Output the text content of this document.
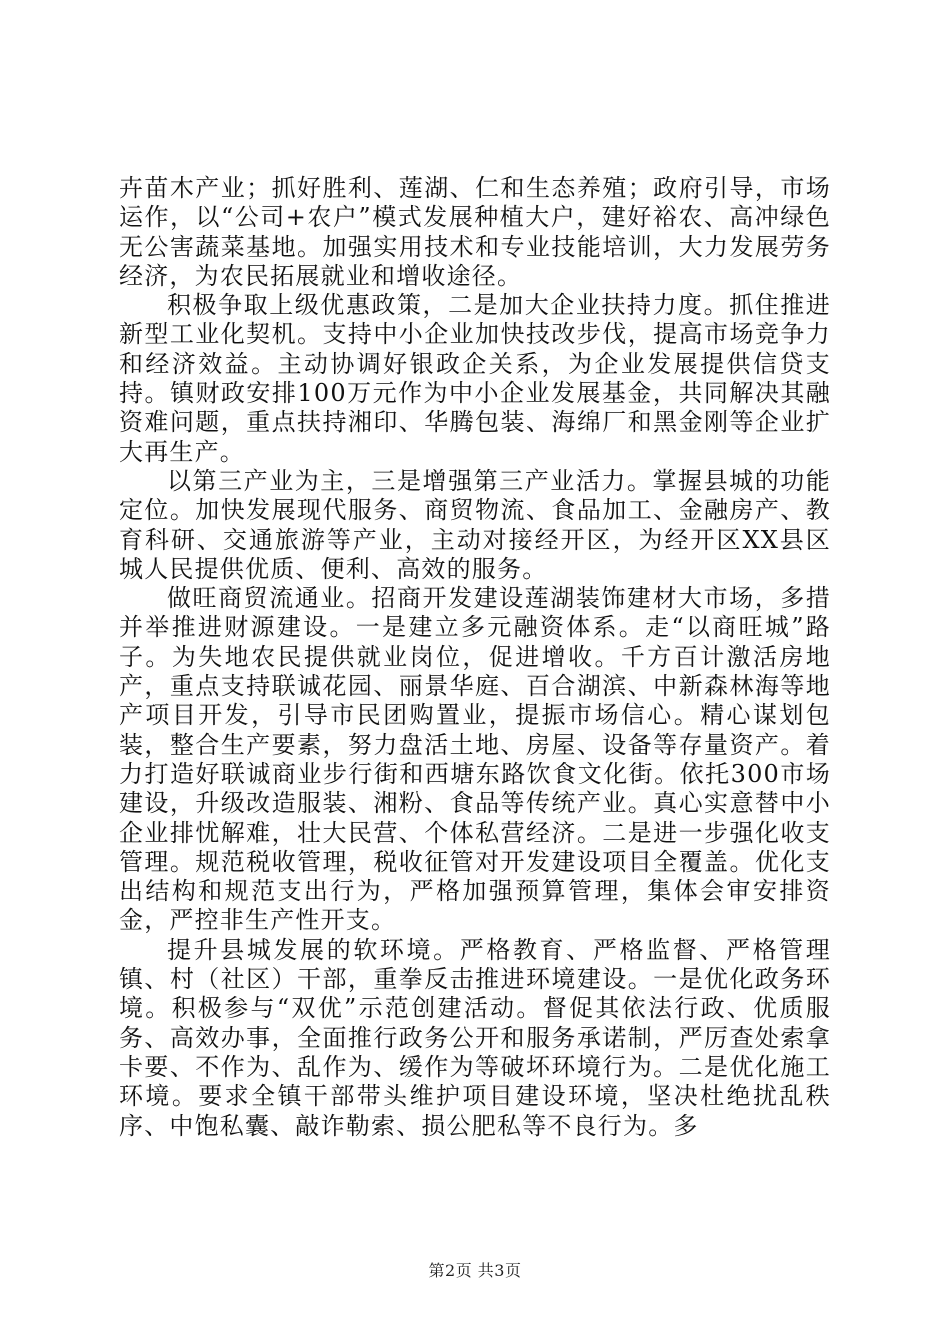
卉苗木产业；抓好胜利、莲湖、仁和生态养殖；政府引导，市场运作，以“公司+农户”模式发展种植大户，建好裕农、高冲绿色无公害蔬菜基地。加强实用技术和专业技能培训，大力发展劳务经济，为农民拓展就业和增收途径。

积极争取上级优惠政策，二是加大企业扶持力度。抓住推进新型工业化契机。支持中小企业加快技改步伐，提高市场竞争力和经济效益。主动协调好银政企关系，为企业发展提供信贷支持。镇财政安排100万元作为中小企业发展基金，共同解决其融资难问题，重点扶持湘印、华腾包装、海绵厂和黑金刚等企业扩大再生产。

以第三产业为主，三是增强第三产业活力。掌握县城的功能定位。加快发展现代服务、商贸物流、食品加工、金融房产、教育科研、交通旅游等产业，主动对接经开区，为经开区XX县区城人民提供优质、便利、高效的服务。

做旺商贸流通业。招商开发建设莲湖装饰建材大市场，多措并举推进财源建设。一是建立多元融资体系。走“以商旺城”路子。为失地农民提供就业岗位，促进增收。千方百计激活房地产，重点支持联诚花园、丽景华庭、百合湖滨、中新森林海等地产项目开发，引导市民团购置业，提振市场信心。精心谋划包装，整合生产要素，努力盘活土地、房屋、设备等存量资产。着力打造好联诚商业步行街和西塘东路饮食文化街。依托300市场建设，升级改造服装、湘粉、食品等传统产业。真心实意替中小企业排忧解难，壮大民营、个体私营经济。二是进一步强化收支管理。规范税收管理，税收征管对开发建设项目全覆盖。优化支出结构和规范支出行为，严格加强预算管理，集体会审安排资金，严控非生产性开支。

提升县城发展的软环境。严格教育、严格监督、严格管理镇、村（社区）干部，重拳反击推进环境建设。一是优化政务环境。积极参与“双优”示范创建活动。督促其依法行政、优质服务、高效办事，全面推行政务公开和服务承诺制，严厉查处索拿卡要、不作为、乱作为、缓作为等破坏环境行为。二是优化施工环境。要求全镇干部带头维护项目建设环境，坚决杜绝扰乱秩序、中饱私囊、敲诈勒索、损公肥私等不良行为。多

第2页 共3页
